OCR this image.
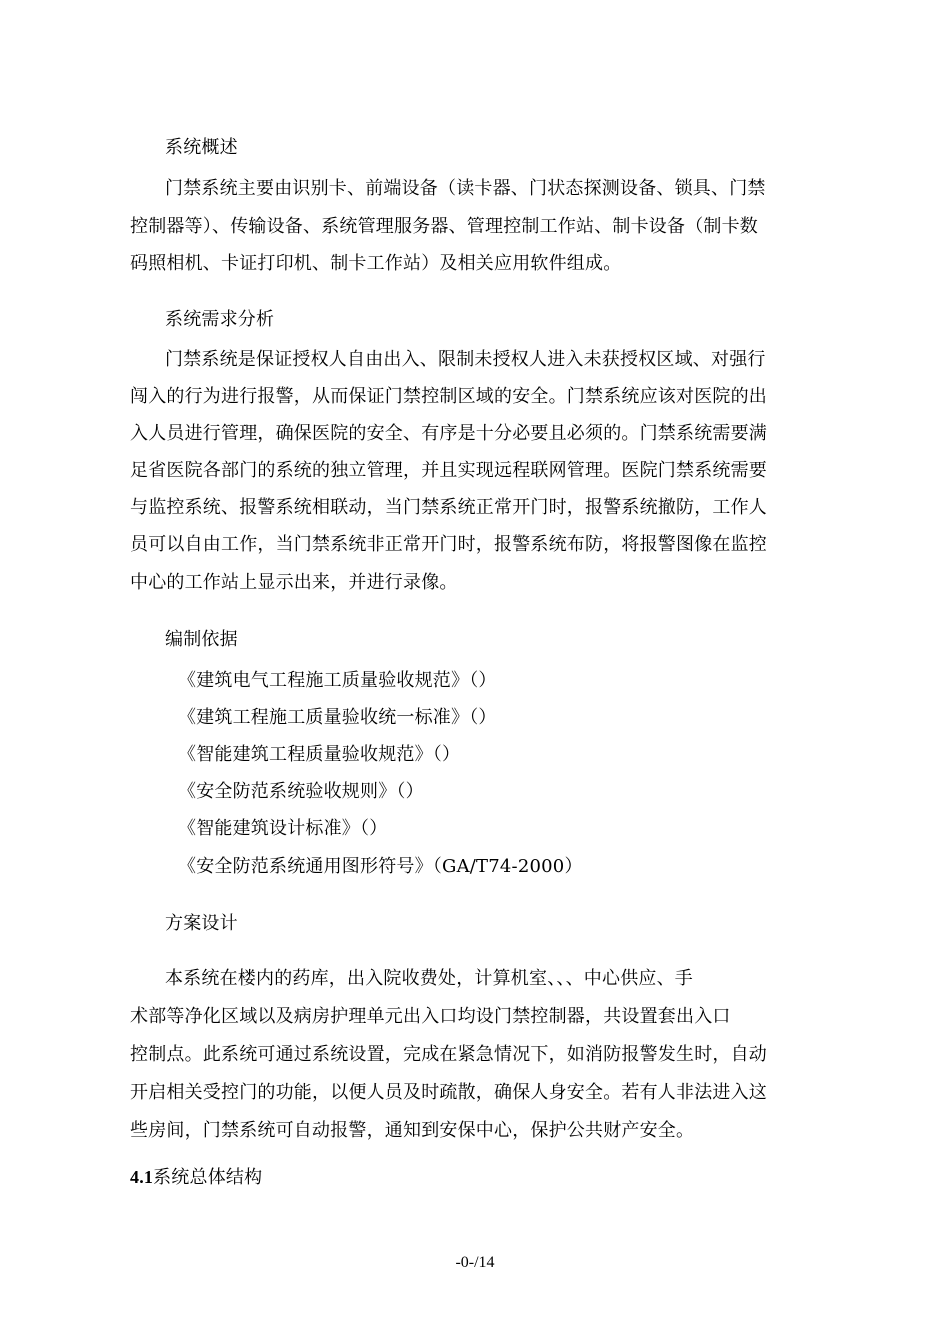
系统概述
门禁系统主要由识别卡、前端设备（读卡器、门状态探测设备、锁具、门禁
控制器等）、传输设备、系统管理服务器、管理控制工作站、制卡设备（制卡数
码照相机、卡证打印机、制卡工作站）及相关应用软件组成。
系统需求分析
门禁系统是保证授权人自由出入、限制未授权人进入未获授权区域、对强行
闯入的行为进行报警，从而保证门禁控制区域的安全。门禁系统应该对医院的出
入人员进行管理，确保医院的安全、有序是十分必要且必须的。门禁系统需要满
足省医院各部门的系统的独立管理，并且实现远程联网管理。医院门禁系统需要
与监控系统、报警系统相联动，当门禁系统正常开门时，报警系统撤防，工作人
员可以自由工作，当门禁系统非正常开门时，报警系统布防，将报警图像在监控
中心的工作站上显示出来，并进行录像。
编制依据
《建筑电气工程施工质量验收规范》（）
《建筑工程施工质量验收统一标准》（）
《智能建筑工程质量验收规范》（）
《安全防范系统验收规则》（）
《智能建筑设计标准》（）
《安全防范系统通用图形符号》（GA/T74-2000）
方案设计
本系统在楼内的药库，出入院收费处，计算机室、、、中心供应、手
术部等净化区域以及病房护理单元出入口均设门禁控制器，共设置套出入口
控制点。此系统可通过系统设置，完成在紧急情况下，如消防报警发生时，自动
开启相关受控门的功能，以便人员及时疏散，确保人身安全。若有人非法进入这
些房间，门禁系统可自动报警，通知到安保中心，保护公共财产安全。
4.1系统总体结构
-0-/14
